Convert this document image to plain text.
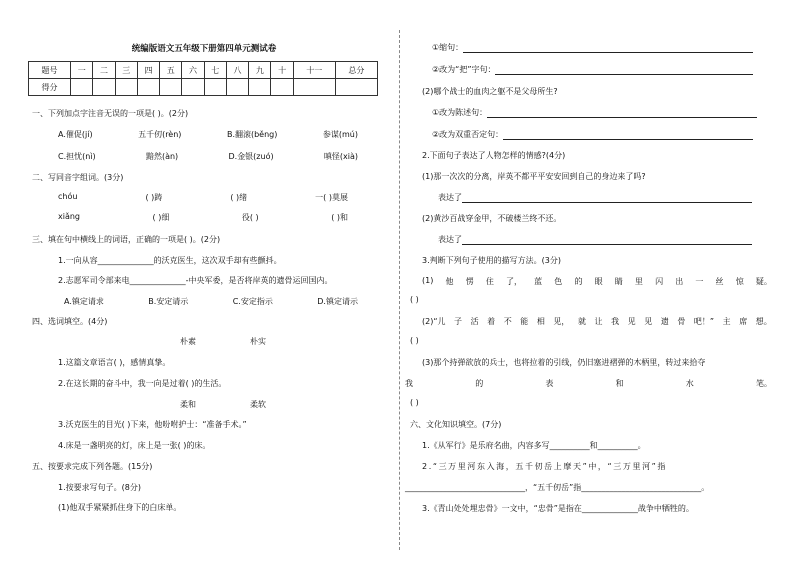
统编版语文五年级下册第四单元测试卷
题号	一	二	三	四	五	六	七	八	九	十	十一	总分
得分												
一、下列加点字注音无误的一项是( )。(2分)
A.催促(jí)	五千仞(rèn)	B.翻滚(běng)	参谋(mú)
C.担忧(nì)	黯然(àn)	D.金银(zuó)	嗔怪(xià)
二、写同音字组词。(3分)
chóu	( )踌	( )绪	一( )莫展
xiǎng	( )细	役( )	( )和
三、填在句中横线上的词语，正确的一项是( )。(2分)
1.一向从容______________的沃克医生，这次双手却有些颤抖。
2.志愿军司令部来电______________-中央军委，是否将岸英的遗骨运回国内。
A.镇定请求	B.安定请示	C.安定指示	D.镇定请示
四、选词填空。(4分)
朴素	朴实
1.这篇文章语言( )，感情真挚。
2.在这长期的奋斗中，我一向是过着( )的生活。
柔和	柔软
3.沃克医生的目光( )下来，他吩咐护士：“准备手术。”
4.床是一盏明亮的灯，床上是一张( )的床。
五、按要求完成下列各题。(15分)
1.按要求写句子。(8分)
(1)他双手紧紧抓住身下的白床单。
①缩句：
②改为“把”字句：
(2)哪个战士的血肉之躯不是父母所生?
①改为陈述句：
②改为双重否定句：
2.下面句子表达了人物怎样的情感?(4分)
(1)那一次次的分离，岸英不都平平安安回到自己的身边来了吗?
表达了
(2)黄沙百战穿金甲，不破楼兰终不还。
表达了
3.判断下列句子使用的描写方法。(3分)
(1) 他 愣 住 了， 蓝 色 的 眼 睛 里 闪 出 一 丝 惊 疑。
( )
(2)“儿 子 活 着 不 能 相 见， 就 让 我 见 见 遗 骨 吧！” 主 席 想。
( )
(3)那个持弹欲放的兵士，也将拉着的引线，仍旧塞进褶弹的木柄里，转过来拾夺
我	的	表	和	水	笔。
( )
六、文化知识填空。(7分)
1.《从军行》是乐府名曲，内容多写__________和__________。
2.“三万里河东入海，五千仞岳上摩天”中，“三万里河”指
______________________________，“五千仞岳”指______________________________。
3.《青山处处埋忠骨》一文中，“忠骨”是指在______________战争中牺牲的。
